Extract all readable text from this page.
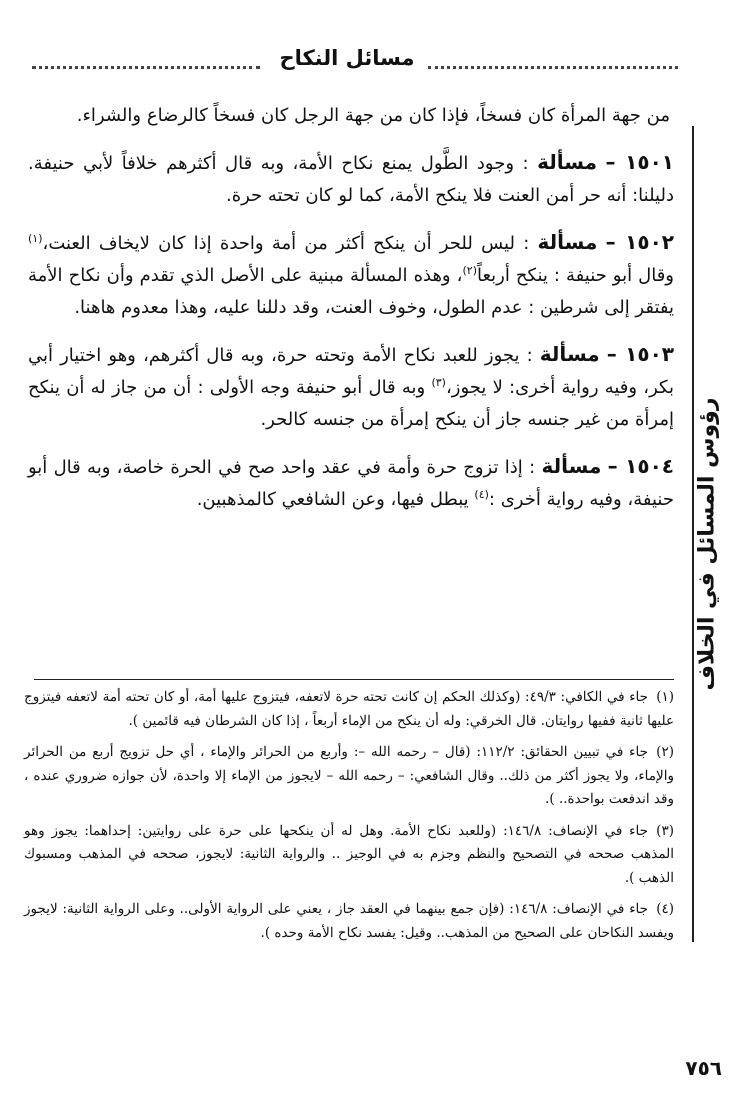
مسائل النكاح
رؤوس المسائل في الخلاف

من جهة المرأة كان فسخاً، فإذا كان من جهة الرجل كان فسخاً كالرضاع والشراء.

١٥٠١ – مسألة : وجود الطَّول يمنع نكاح الأمة، وبه قال أكثرهم خلافاً لأبي حنيفة. دليلنا: أنه حر أمن العنت فلا ينكح الأمة، كما لو كان تحته حرة.

١٥٠٢ – مسألة : ليس للحر أن ينكح أكثر من أمة واحدة إذا كان لايخاف العنت،$^{(١)}$ وقال أبو حنيفة : ينكح أربعاً$^{(٢)}$، وهذه المسألة مبنية على الأصل الذي تقدم وأن نكاح الأمة يفتقر إلى شرطين : عدم الطول، وخوف العنت، وقد دللنا عليه، وهذا معدوم هاهنا.

١٥٠٣ – مسألة : يجوز للعبد نكاح الأمة وتحته حرة، وبه قال أكثرهم، وهو اختيار أبي بكر، وفيه رواية أخرى: لا يجوز،$^{(٣)}$ وبه قال أبو حنيفة وجه الأولى : أن من جاز له أن ينكح إمرأة من غير جنسه جاز أن ينكح إمرأة من جنسه كالحر.

١٥٠٤ – مسألة : إذا تزوج حرة وأمة في عقد واحد صح في الحرة خاصة، وبه قال أبو حنيفة، وفيه رواية أخرى :$^{(٤)}$ يبطل فيها، وعن الشافعي كالمذهبين.

(١)جاء في الكافي: ٤٩/٣: (وكذلك الحكم إن كانت تحته حرة لاتعفه، فيتزوج عليها أمة، أو كان تحته أمة لاتعفه فيتزوج عليها ثانية ففيها روايتان. قال الخرقي: وله أن ينكح من الإماء أربعاً ، إذا كان الشرطان فيه قائمين ).

(٢)جاء في تبيين الحقائق: ١١٢/٢: (قال – رحمه الله –: وأربع من الحرائر والإماء ، أي حل تزويج أربع من الحرائر والإماء، ولا يجوز أكثر من ذلك.. وقال الشافعي: – رحمه الله – لايجوز من الإماء إلا واحدة، لأن جوازه ضروري عنده ، وقد اندفعت بواحدة.. ).

(٣)جاء في الإنصاف: ١٤٦/٨: (وللعبد نكاح الأمة. وهل له أن ينكحها على حرة على روايتين: إحداهما: يجوز وهو المذهب صححه في التصحيح والنظم وجزم به في الوجيز .. والرواية الثانية: لايجوز، صححه في المذهب ومسبوك الذهب ).

(٤)جاء في الإنصاف: ١٤٦/٨: (فإن جمع بينهما في العقد جاز ، يعني على الرواية الأولى.. وعلى الرواية الثانية: لايجوز ويفسد النكاحان على الصحيح من المذهب.. وقيل: يفسد نكاح الأمة وحده ).

٧٥٦
